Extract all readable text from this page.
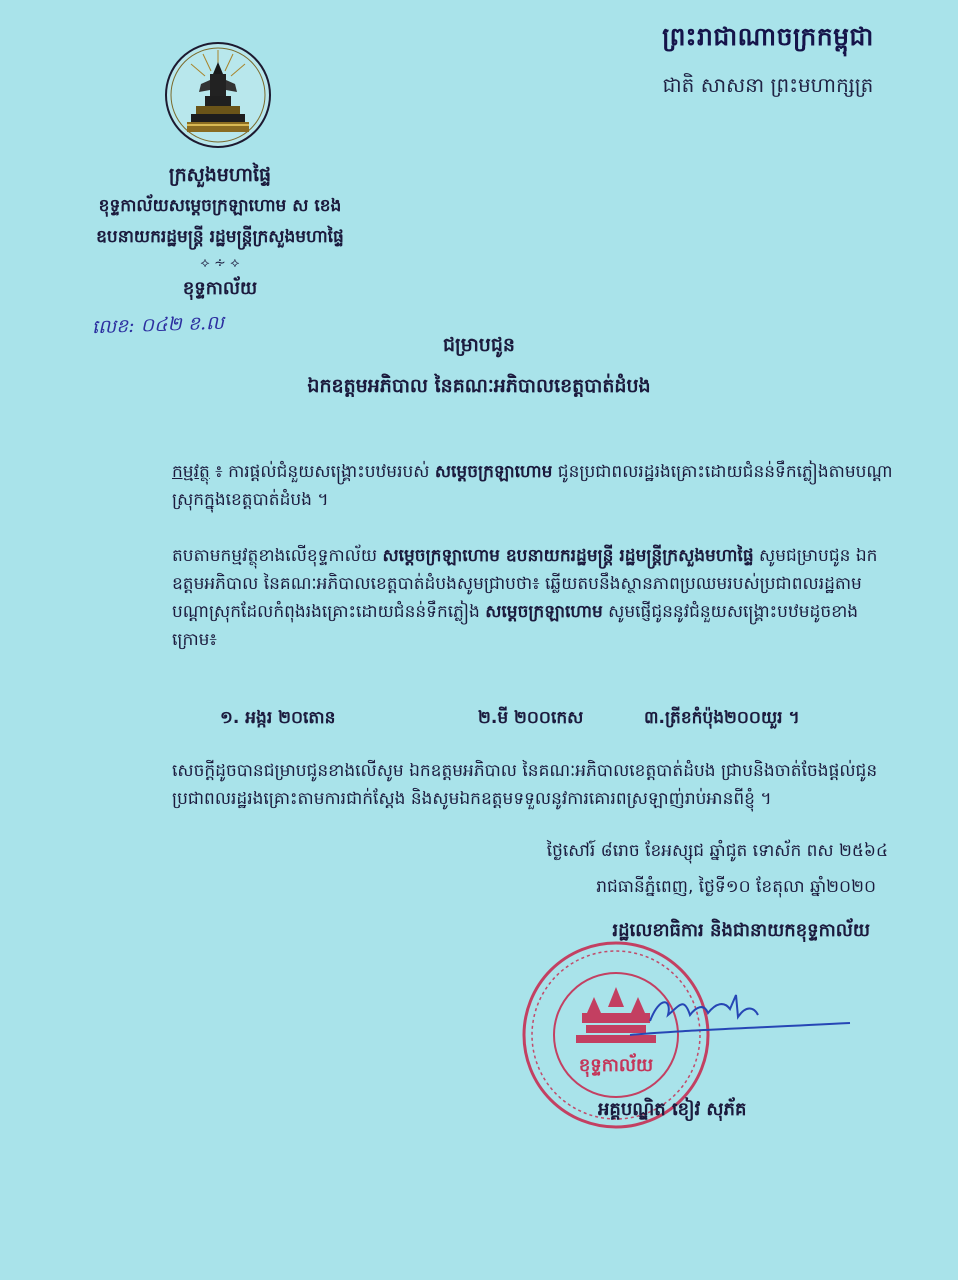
ព្រះរាជាណាចក្រកម្ពុជា
ជាតិ សាសនា ព្រះមហាក្សត្រ
ក្រសួងមហាផ្ទៃ
ខុទ្ទកាល័យសម្ដេចក្រឡាហោម ស ខេង
ឧបនាយករដ្ឋមន្ត្រី រដ្ឋមន្ត្រីក្រសួងមហាផ្ទៃ
⟡ ∻ ⟡
ខុទ្ទកាល័យ
លេខ: ០៤២ ខ.ល
ជម្រាបជូន
ឯកឧត្តមអភិបាល នៃគណៈអភិបាលខេត្តបាត់ដំបង
កម្មវត្ថុ ៖ ការផ្ដល់ជំនួយសង្គ្រោះបឋមរបស់ សម្ដេចក្រឡាហោម ជូនប្រជាពលរដ្ឋរងគ្រោះដោយជំនន់ទឹកភ្លៀងតាមបណ្ដាស្រុកក្នុងខេត្តបាត់ដំបង ។
តបតាមកម្មវត្ថុខាងលើខុទ្ទកាល័យ សម្ដេចក្រឡាហោម ឧបនាយករដ្ឋមន្ត្រី រដ្ឋមន្ត្រីក្រសួងមហាផ្ទៃ សូមជម្រាបជូន ឯកឧត្តមអភិបាល នៃគណៈអភិបាលខេត្តបាត់ដំបងសូមជ្រាបថា៖ ឆ្លើយតបនឹងស្ថានភាពប្រឈមរបស់ប្រជាពលរដ្ឋតាមបណ្ដាស្រុកដែលកំពុងរងគ្រោះដោយជំនន់ទឹកភ្លៀង សម្ដេចក្រឡាហោម សូមផ្ញើជូននូវជំនួយសង្គ្រោះបឋមដូចខាងក្រោម៖
១. អង្ករ ២០តោន	២.មី ២០០កេស	៣.ត្រីខកំប៉ុង២០០យួរ ។
សេចក្ដីដូចបានជម្រាបជូនខាងលើសូម ឯកឧត្តមអភិបាល នៃគណៈអភិបាលខេត្តបាត់ដំបង ជ្រាបនិងចាត់ចែងផ្ដល់ជូនប្រជាពលរដ្ឋរងគ្រោះតាមការជាក់ស្ដែង និងសូមឯកឧត្តមទទួលនូវការគោរពស្រឡាញ់រាប់អានពីខ្ញុំ ។
ថ្ងៃសៅរ៍ ៨រោច ខែអស្សុជ ឆ្នាំជូត ទោស័ក ពស ២៥៦៤
រាជធានីភ្នំពេញ, ថ្ងៃទី១០ ខែតុលា ឆ្នាំ២០២០
រដ្ឋលេខាធិការ និងជានាយកខុទ្ទកាល័យ
ខុទ្ទកាល័យ
អគ្គបណ្ឌិត ខៀវ សុភ័គ
